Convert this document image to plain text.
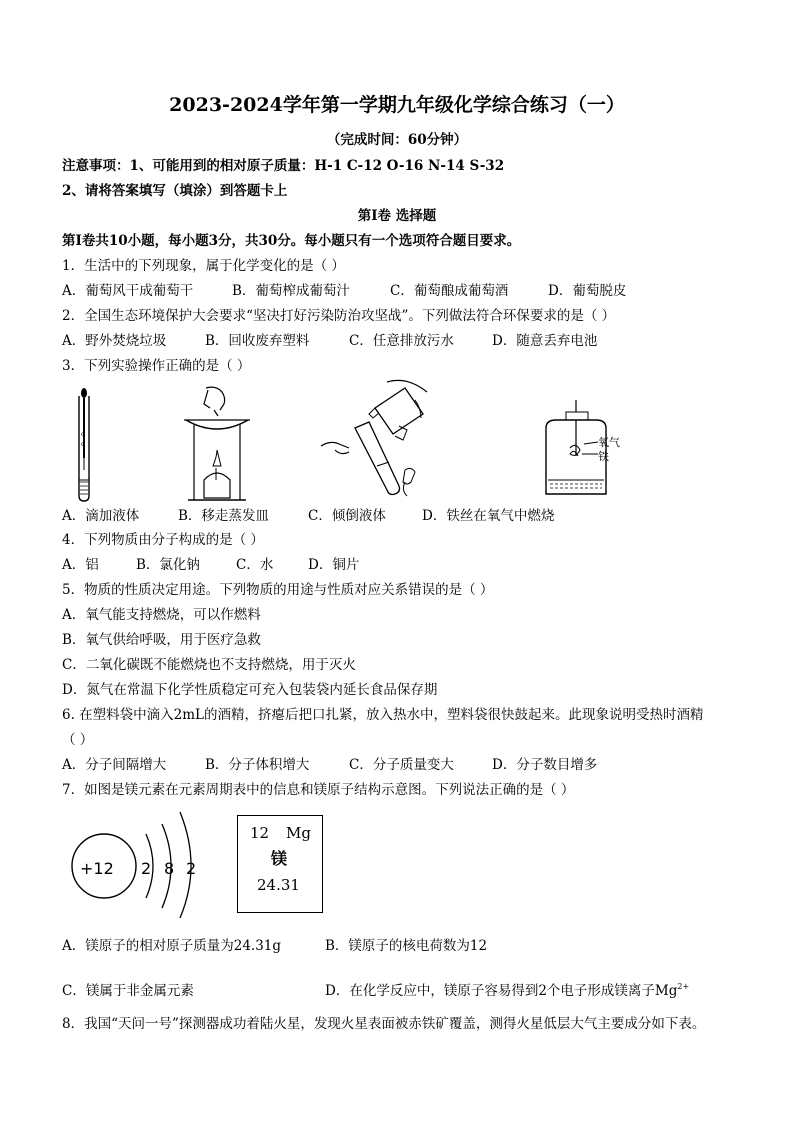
2023-2024学年第一学期九年级化学综合练习（一）
（完成时间：60分钟）
注意事项：1、可能用到的相对原子质量：H-1 C-12 O-16 N-14 S-32
2、请将答案填写（填涂）到答题卡上
第Ⅰ卷 选择题
第Ⅰ卷共10小题，每小题3分，共30分。每小题只有一个选项符合题目要求。
1．生活中的下列现象，属于化学变化的是（ ）
A．葡萄风干成葡萄干	B．葡萄榨成葡萄汁	C．葡萄酿成葡萄酒	D．葡萄脱皮
2．全国生态环境保护大会要求“坚决打好污染防治攻坚战”。下列做法符合环保要求的是（ ）
A．野外焚烧垃圾	B．回收废弃塑料	C．任意排放污水	D．随意丢弃电池
3．下列实验操作正确的是（ ）
c
c	氧气
铁
A．滴加液体	B．移走蒸发皿	C．倾倒液体	D．铁丝在氧气中燃烧
4．下列物质由分子构成的是（ ）
A．铝	B．氯化钠	C．水	D．铜片
5．物质的性质决定用途。下列物质的用途与性质对应关系错误的是（ ）
A．氧气能支持燃烧，可以作燃料
B．氧气供给呼吸，用于医疗急救
C．二氧化碳既不能燃烧也不支持燃烧，用于灭火
D．氮气在常温下化学性质稳定可充入包装袋内延长食品保存期
6. 在塑料袋中滴入2mL的酒精，挤瘪后把口扎紧，放入热水中，塑料袋很快鼓起来。此现象说明受热时酒精
（ ）
A．分子间隔增大	B．分子体积增大	C．分子质量变大	D．分子数目增多
7．如图是镁元素在元素周期表中的信息和镁原子结构示意图。下列说法正确的是（ ）
+12 2 8 2
12 Mg
镁
24.31
A．镁原子的相对原子质量为24.31g	B．镁原子的核电荷数为12
C．镁属于非金属元素	D．在化学反应中，镁原子容易得到2个电子形成镁离子$Mg^{2+}$
8．我国“天问一号”探测器成功着陆火星，发现火星表面被赤铁矿覆盖，测得火星低层大气主要成分如下表。
